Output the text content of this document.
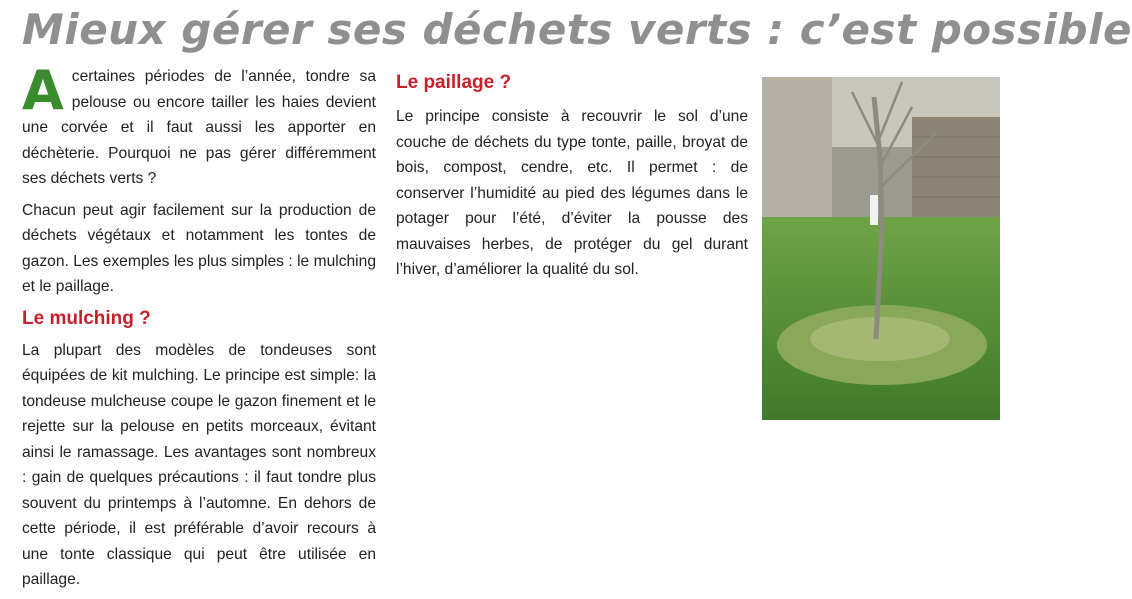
Mieux gérer ses déchets verts : c’est possible

Acertaines périodes de l’année, tondre sa pelouse ou encore tailler les haies devient une corvée et il faut aussi les apporter en déchèterie. Pourquoi ne pas gérer différemment ses déchets verts ?

Chacun peut agir facilement sur la production de déchets végétaux et notamment les tontes de gazon. Les exemples les plus simples : le mulching et le paillage.

Le mulching ?

La plupart des modèles de tondeuses sont équipées de kit mulching. Le principe est simple: la tondeuse mulcheuse coupe le gazon finement et le rejette sur la pelouse en petits morceaux, évitant ainsi le ramassage. Les avantages sont nombreux : gain de quelques précautions : il faut tondre plus souvent du printemps à l’automne. En dehors de cette période, il est préférable d’avoir recours à une tonte classique qui peut être utilisée en paillage.

Le paillage ?

Le principe consiste à recouvrir le sol d’une couche de déchets du type tonte, paille, broyat de bois, compost, cendre, etc. Il permet : de conserver l’humidité au pied des légumes dans le potager pour l’été, d’éviter la pousse des mauvaises herbes, de protéger du gel durant l’hiver, d’améliorer la qualité du sol.
